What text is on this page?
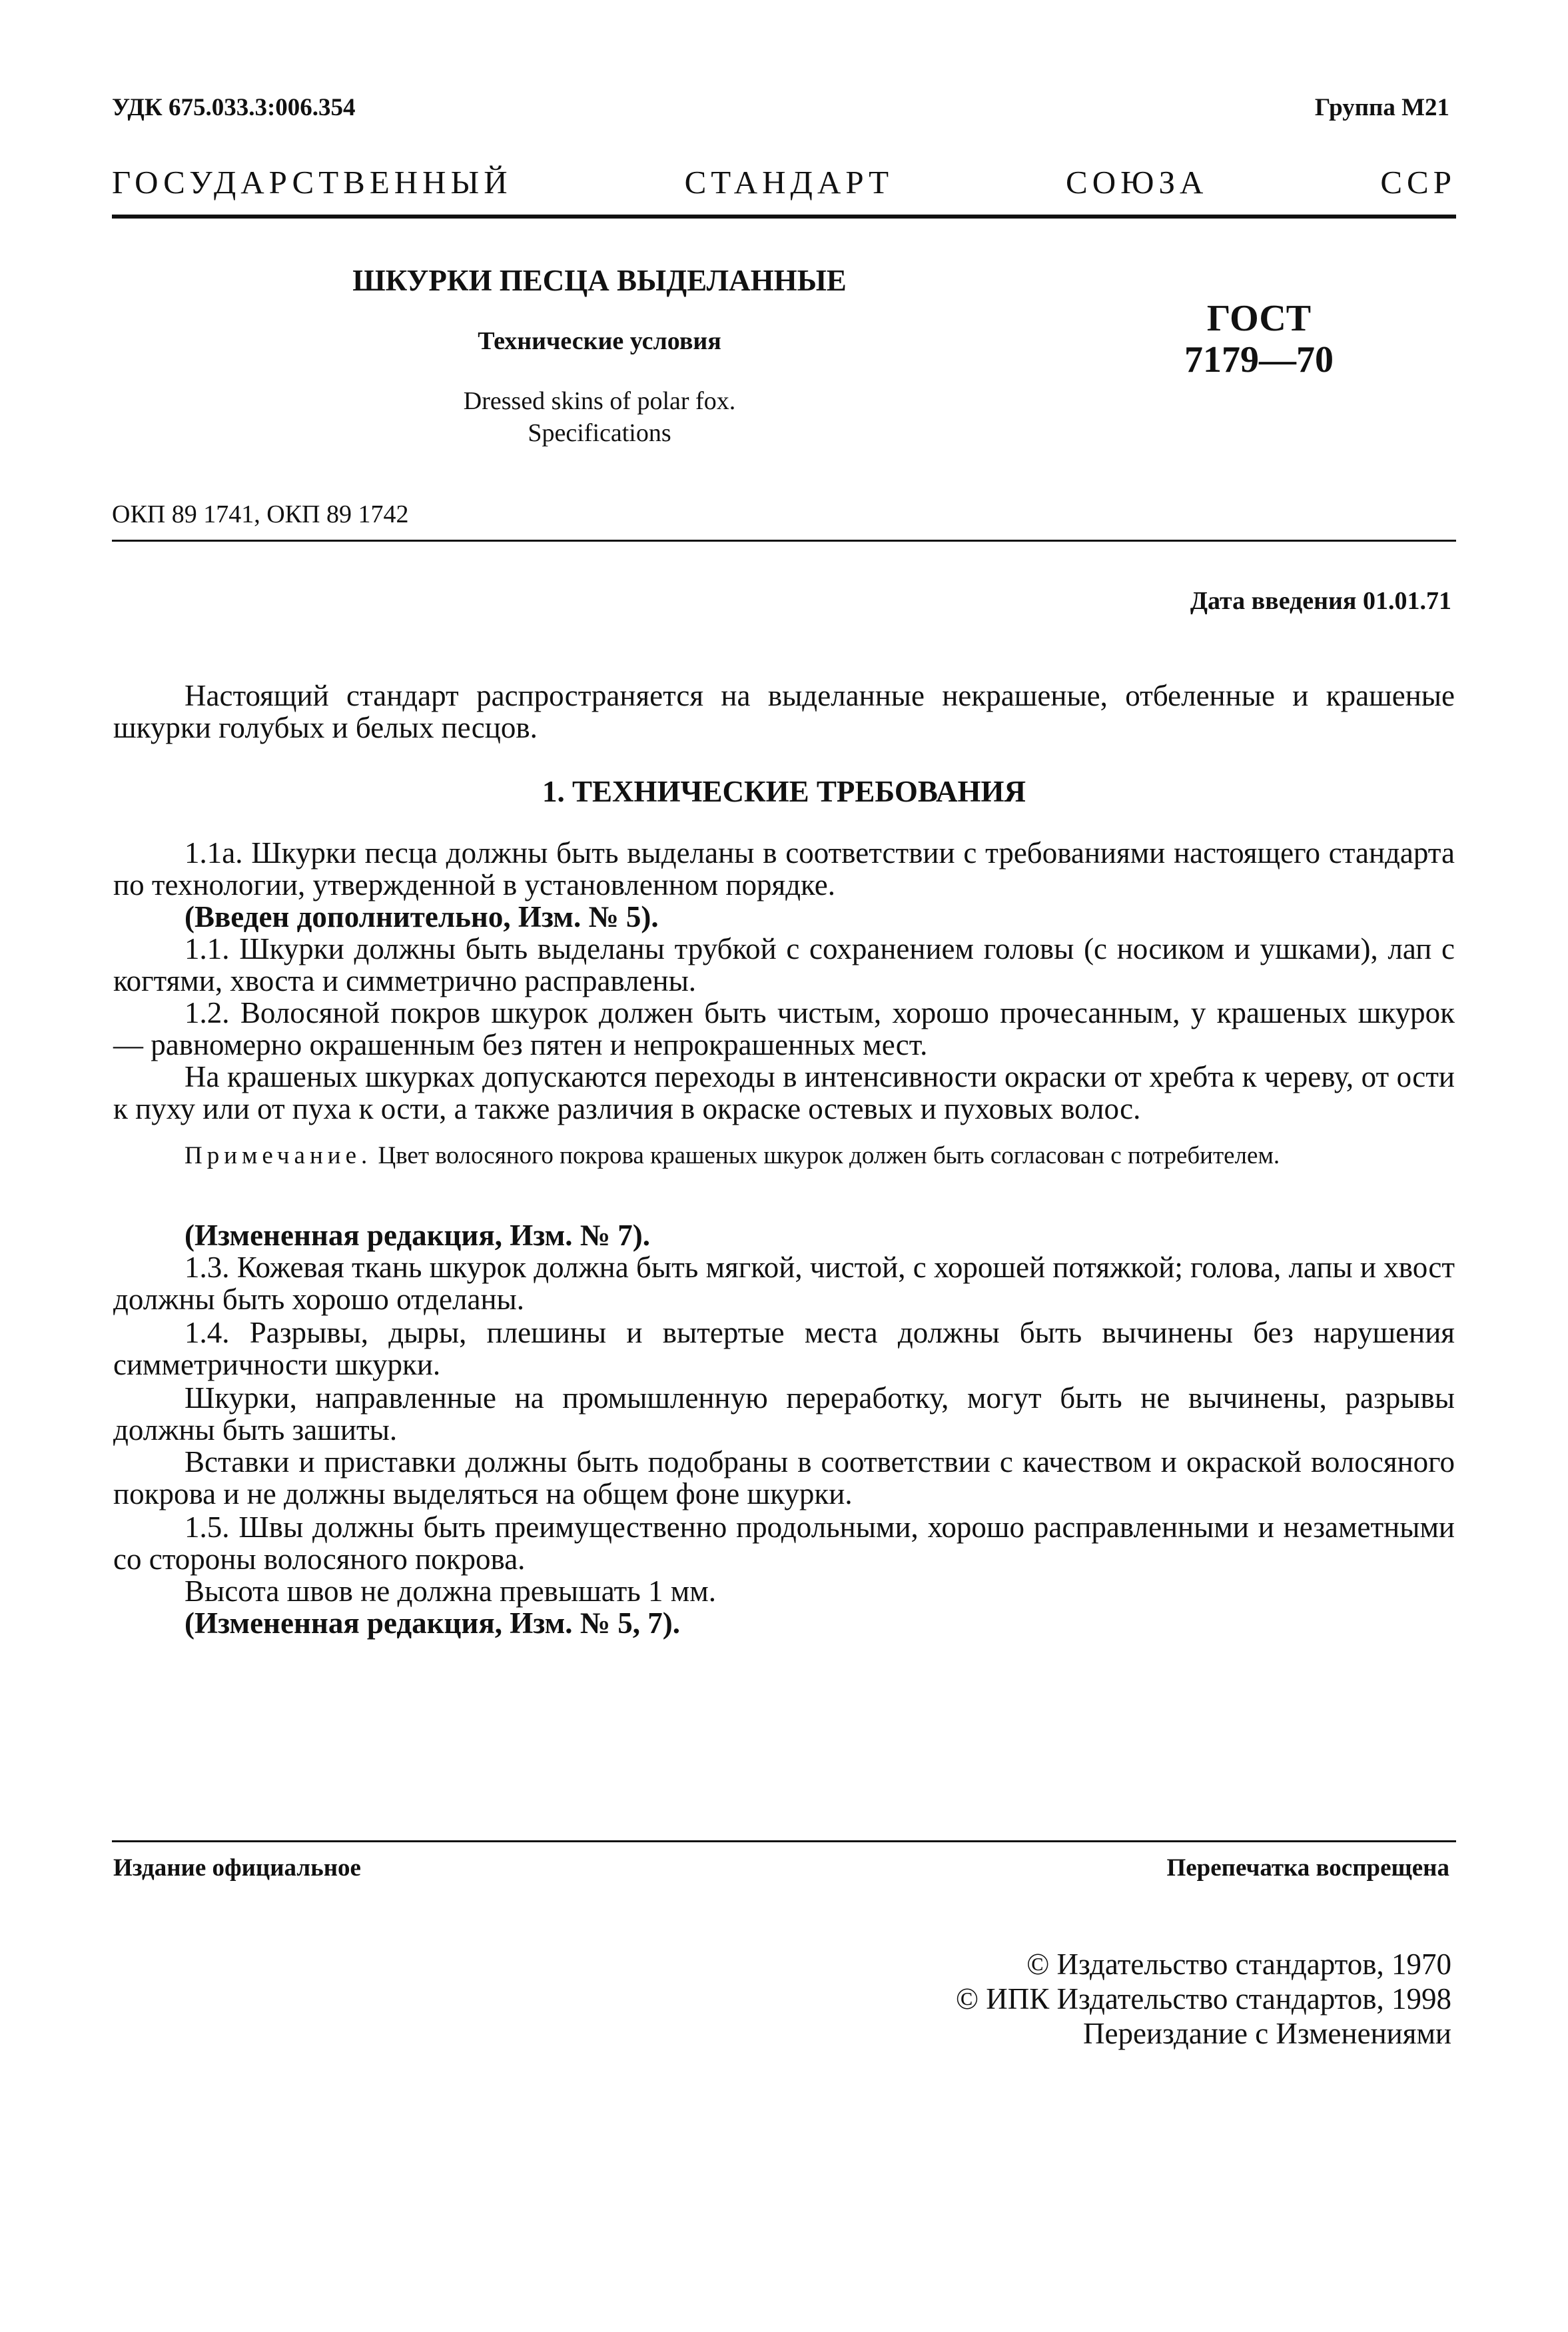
УДК 675.033.3:006.354	Группа М21
ГОСУДАРСТВЕННЫЙ	СТАНДАРТ	СОЮЗА	ССР
ШКУРКИ ПЕСЦА ВЫДЕЛАННЫЕ
Технические условия
Dressed skins of polar fox.
Specifications
ГОСТ
7179—70
ОКП 89 1741, ОКП 89 1742
Дата введения 01.01.71
Настоящий стандарт распространяется на выделанные некрашеные, отбеленные и крашеные шкурки голубых и белых песцов.
1. ТЕХНИЧЕСКИЕ ТРЕБОВАНИЯ
1.1а. Шкурки песца должны быть выделаны в соответствии с требованиями настоящего стандарта по технологии, утвержденной в установленном порядке.
(Введен дополнительно, Изм. № 5).
1.1. Шкурки должны быть выделаны трубкой с сохранением головы (с носиком и ушками), лап с когтями, хвоста и симметрично расправлены.
1.2. Волосяной покров шкурок должен быть чистым, хорошо прочесанным, у крашеных шкурок — равномерно окрашенным без пятен и непрокрашенных мест.
На крашеных шкурках допускаются переходы в интенсивности окраски от хребта к череву, от ости к пуху или от пуха к ости, а также различия в окраске остевых и пуховых волос.
Примечание. Цвет волосяного покрова крашеных шкурок должен быть согласован с потребителем.
(Измененная редакция, Изм. № 7).
1.3. Кожевая ткань шкурок должна быть мягкой, чистой, с хорошей потяжкой; голова, лапы и хвост должны быть хорошо отделаны.
1.4. Разрывы, дыры, плешины и вытертые места должны быть вычинены без нарушения симметричности шкурки.
Шкурки, направленные на промышленную переработку, могут быть не вычинены, разрывы должны быть зашиты.
Вставки и приставки должны быть подобраны в соответствии с качеством и окраской волосяного покрова и не должны выделяться на общем фоне шкурки.
1.5. Швы должны быть преимущественно продольными, хорошо расправленными и незаметными со стороны волосяного покрова.
Высота швов не должна превышать 1 мм.
(Измененная редакция, Изм. № 5, 7).
Издание официальное	Перепечатка воспрещена
© Издательство стандартов, 1970
© ИПК Издательство стандартов, 1998
Переиздание с Изменениями
